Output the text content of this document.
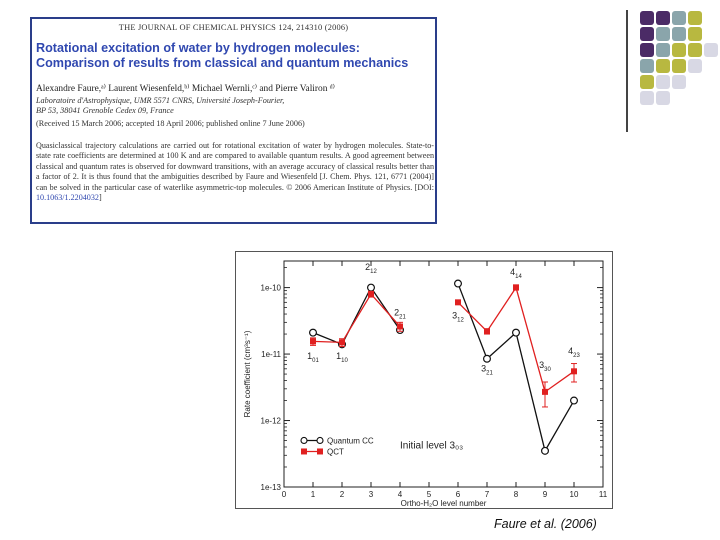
THE JOURNAL OF CHEMICAL PHYSICS 124, 214310 (2006)
Rotational excitation of water by hydrogen molecules:
Comparison of results from classical and quantum mechanics
Alexandre Faure,ᵃ⁾ Laurent Wiesenfeld,ᵇ⁾ Michael Wernli,ᶜ⁾ and Pierre Valiron ᵈ⁾
Laboratoire d'Astrophysique, UMR 5571 CNRS, Université Joseph-Fourier,
BP 53, 38041 Grenoble Cedex 09, France
(Received 15 March 2006; accepted 18 April 2006; published online 7 June 2006)
Quasiclassical trajectory calculations are carried out for rotational excitation of water by hydrogen molecules. State-to-state rate coefficients are determined at 100 K and are compared to available quantum results. A good agreement between classical and quantum rates is observed for downward transitions, with an average accuracy of classical results better than a factor of 2. It is thus found that the ambiguities described by Faure and Wiesenfeld [J. Chem. Phys. 121, 6771 (2004)] can be solved in the particular case of waterlike asymmetric-top molecules. © 2006 American Institute of Physics. [DOI: 10.1063/1.2204032]
0	1	2	3	4	5	6	7	8	9	10	11
1e-10
1e-11
1e-12
1e-13
Ortho-H₂O level number
Rate coefficient (cm³s⁻¹)	$1_{01}$ $1_{10}$
$2_{12}$
$2_{21}$	$3_{12}$
$3_{21}$
$4_{14}$
$3_{30}$
$4_{23}$
Initial level 3₀₃
Quantum CC
QCT
Faure et al. (2006)
